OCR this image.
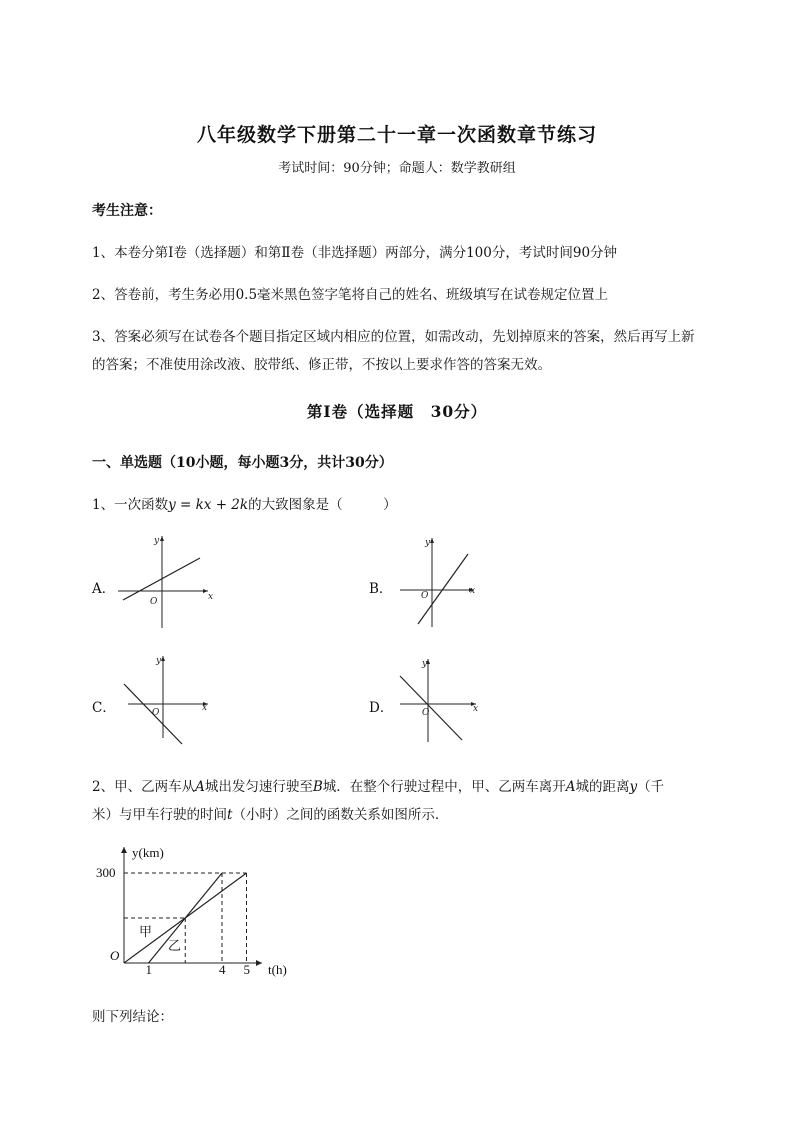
八年级数学下册第二十一章一次函数章节练习
考试时间：90分钟；命题人：数学教研组
考生注意：
1、本卷分第Ⅰ卷（选择题）和第Ⅱ卷（非选择题）两部分，满分100分，考试时间90分钟
2、答卷前，考生务必用0.5毫米黑色签字笔将自己的姓名、班级填写在试卷规定位置上
3、答案必须写在试卷各个题目指定区域内相应的位置，如需改动，先划掉原来的答案，然后再写上新
的答案；不准使用涂改液、胶带纸、修正带，不按以上要求作答的答案无效。
第Ⅰ卷（选择题　30分）
一、单选题（10小题，每小题3分，共计30分）
1、一次函数y = kx + 2k的大致图象是（　　　）
A．	x
y
O
B．	x
y
O
C．	x
y
O	D．	x
y
O
2、甲、乙两车从A城出发匀速行驶至B城．在整个行驶过程中，甲、乙两车离开A城的距离y（千
米）与甲车行驶的时间t（小时）之间的函数关系如图所示．
y(km)
t(h)
300
O
1	4 5
甲
乙
则下列结论：
